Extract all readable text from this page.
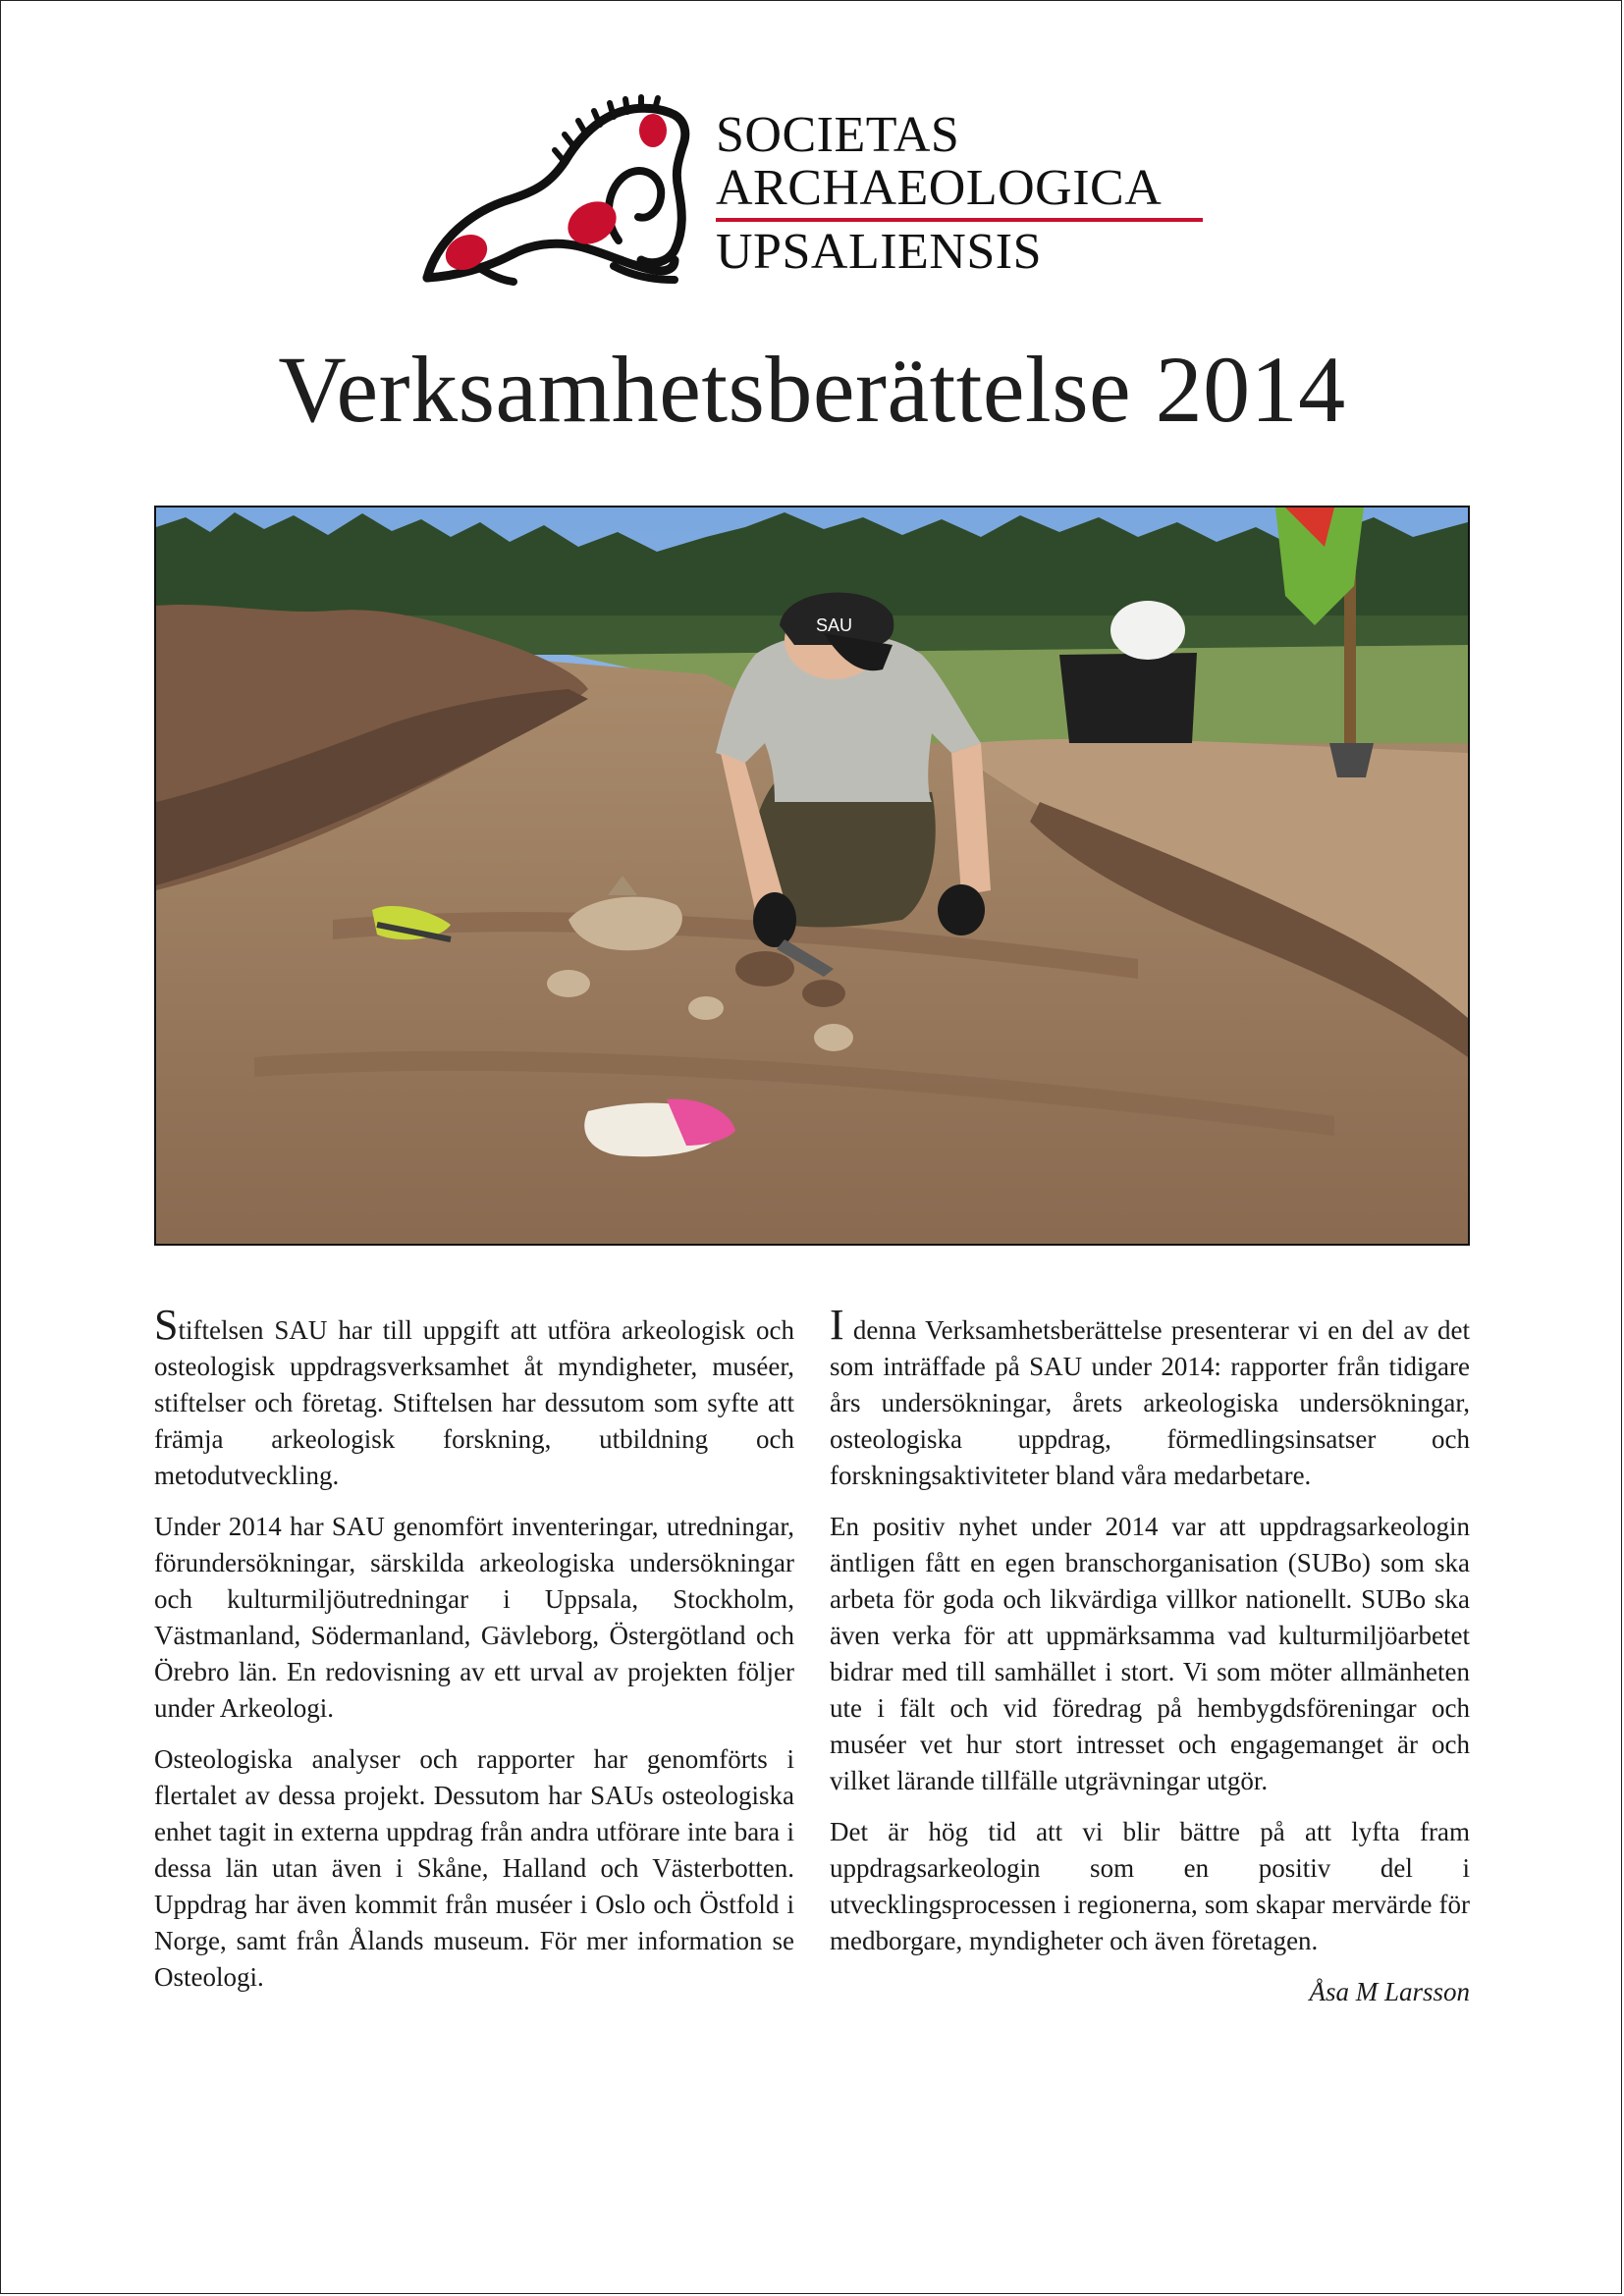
SOCIETAS
ARCHAEOLOGICA
UPSALIENSIS
Verksamhetsberättelse 2014
SAU

Stiftelsen SAU har till uppgift att utföra arkeologisk och osteologisk uppdragsverksamhet åt myndigheter, muséer, stiftelser och företag. Stiftelsen har dessutom som syfte att främja arkeologisk forskning, utbildning och metodutveckling.

Under 2014 har SAU genomfört inventeringar, utredningar, förundersökningar, särskilda arkeologiska undersökningar och kulturmiljöutredningar i Uppsala, Stockholm, Västmanland, Södermanland, Gävleborg, Östergötland och Örebro län. En redovisning av ett urval av projekten följer under Arkeologi.

Osteologiska analyser och rapporter har genomförts i flertalet av dessa projekt. Dessutom har SAUs osteologiska enhet tagit in externa uppdrag från andra utförare inte bara i dessa län utan även i Skåne, Halland och Västerbotten. Uppdrag har även kommit från muséer i Oslo och Östfold i Norge, samt från Ålands museum. För mer information se Osteologi.

I denna Verksamhetsberättelse presenterar vi en del av det som inträffade på SAU under 2014: rapporter från tidigare års undersökningar, årets arkeologiska undersökningar, osteologiska uppdrag, förmedlingsinsatser och forskningsaktiviteter bland våra medarbetare.

En positiv nyhet under 2014 var att uppdragsarkeologin äntligen fått en egen branschorganisation (SUBo) som ska arbeta för goda och likvärdiga villkor nationellt. SUBo ska även verka för att uppmärksamma vad kulturmiljöarbetet bidrar med till samhället i stort. Vi som möter allmänheten ute i fält och vid föredrag på hembygdsföreningar och muséer vet hur stort intresset och engagemanget är och vilket lärande tillfälle utgrävningar utgör.

Det är hög tid att vi blir bättre på att lyfta fram uppdragsarkeologin som en positiv del i utvecklingsprocessen i regionerna, som skapar mervärde för medborgare, myndigheter och även företagen.

Åsa M Larsson
